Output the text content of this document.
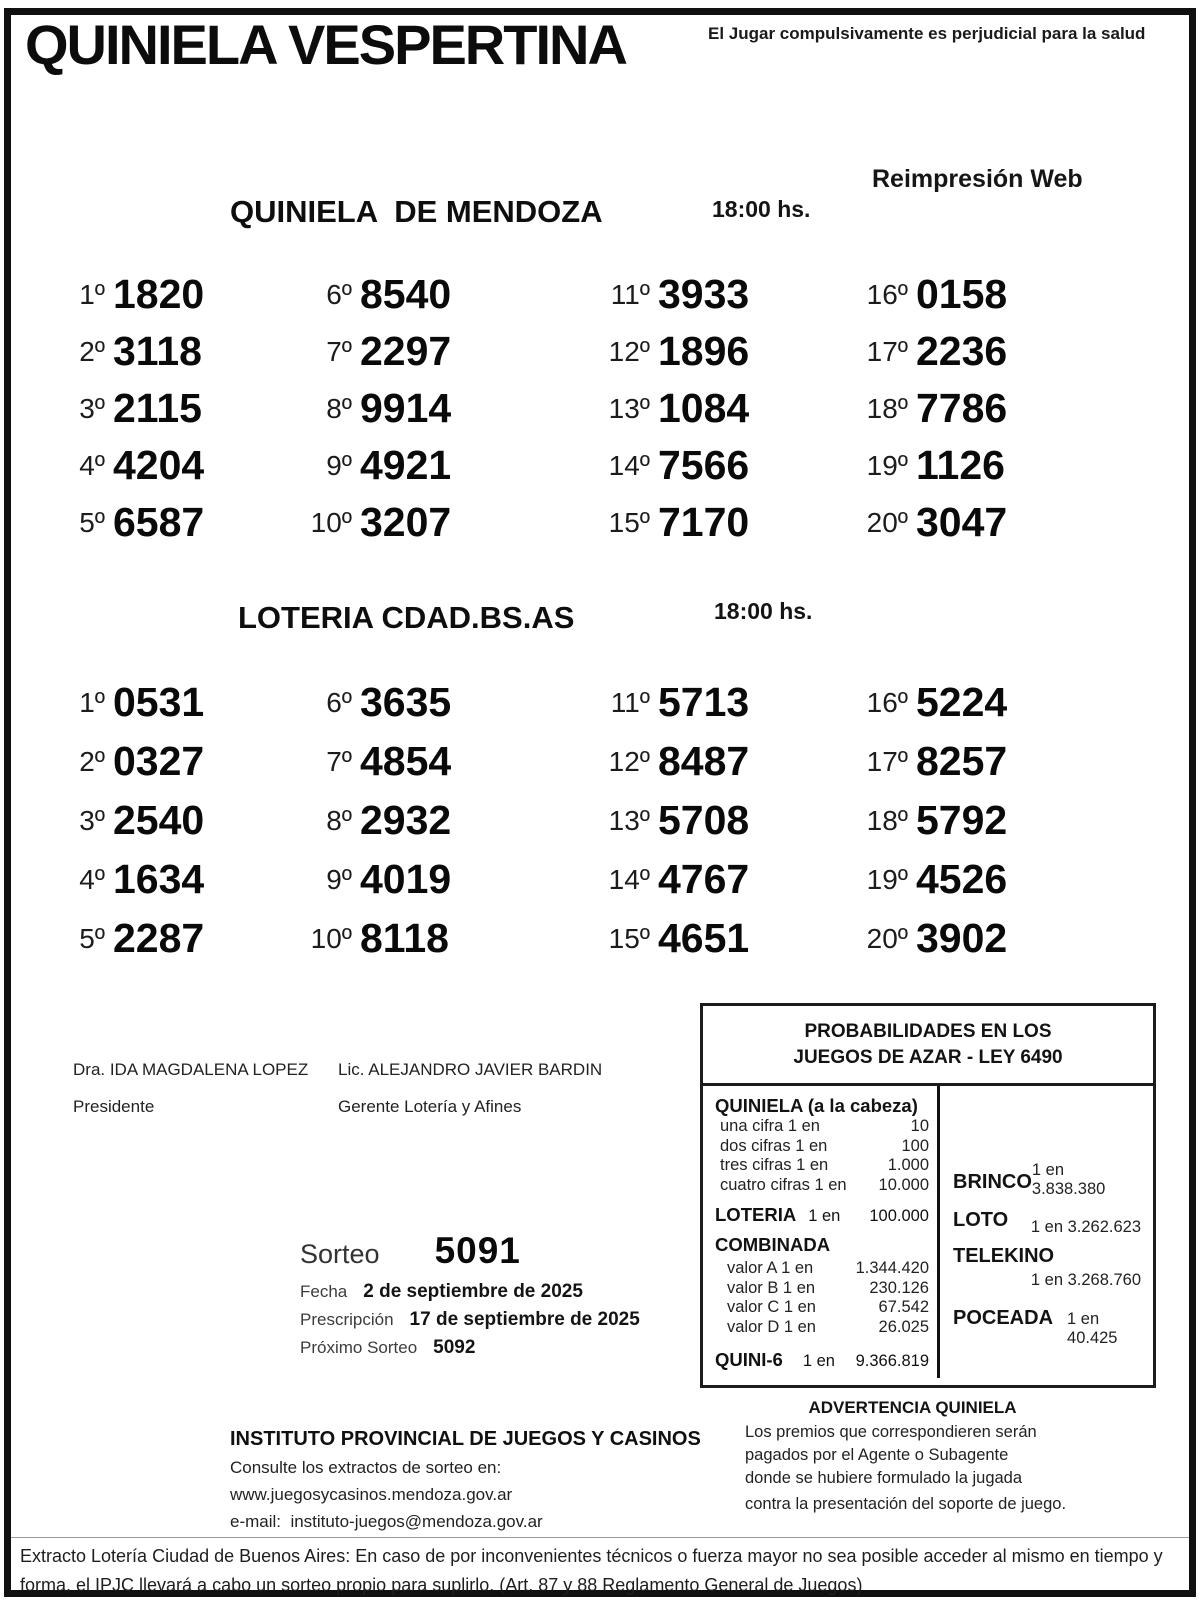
QUINIELA VESPERTINA	El Jugar compulsivamente es perjudicial para la salud
Reimpresión Web
QUINIELA  DE MENDOZA	18:00 hs.
1º 1820
2º 3118
3º 2115
4º 4204
5º 6587
6º 8540
7º 2297
8º 9914
9º 4921
10º 3207
11º 3933
12º 1896
13º 1084
14º 7566
15º 7170
16º 0158
17º 2236
18º 7786
19º 1126
20º 3047
LOTERIA CDAD.BS.AS	18:00 hs.
1º 0531
2º 0327
3º 2540
4º 1634
5º 2287
6º 3635
7º 4854
8º 2932
9º 4019
10º 8118
11º 5713
12º 8487
13º 5708
14º 4767
15º 4651
16º 5224
17º 8257
18º 5792
19º 4526
20º 3902
Dra. IDA MAGDALENA LOPEZ
Presidente
Lic. ALEJANDRO JAVIER BARDIN
Gerente Lotería y Afines
Sorteo 5091
Fecha 2 de septiembre de 2025
Prescripción 17 de septiembre de 2025
Próximo Sorteo 5092
PROBABILIDADES EN LOS
JUEGOS DE AZAR - LEY 6490
QUINIELA (a la cabeza)
una cifra 1 en	10
dos cifras 1 en	100
tres cifras 1 en	1.000
cuatro cifras 1 en 10.000
LOTERIA 1 en 100.000
COMBINADA
valor A 1 en	1.344.420
valor B 1 en	230.126
valor C 1 en	67.542
valor D 1 en	26.025
QUINI-6 1 en 9.366.819
BRINCO
1 en 3.838.380
LOTO 1 en 3.262.623
TELEKINO
1 en 3.268.760
POCEADA 1 en 40.425
INSTITUTO PROVINCIAL DE JUEGOS Y CASINOS
Consulte los extractos de sorteo en:
www.juegosycasinos.mendoza.gov.ar
e-mail:  instituto-juegos@mendoza.gov.ar
ADVERTENCIA QUINIELA
Los premios que correspondieren serán
pagados por el Agente o Subagente
donde se hubiere formulado la jugada
contra la presentación del soporte de juego.
Extracto Lotería Ciudad de Buenos Aires: En caso de por inconvenientes técnicos o fuerza mayor no sea posible acceder al mismo en tiempo y
forma, el IPJC llevará a cabo un sorteo propio para suplirlo. (Art. 87 y 88 Reglamento General de Juegos)
